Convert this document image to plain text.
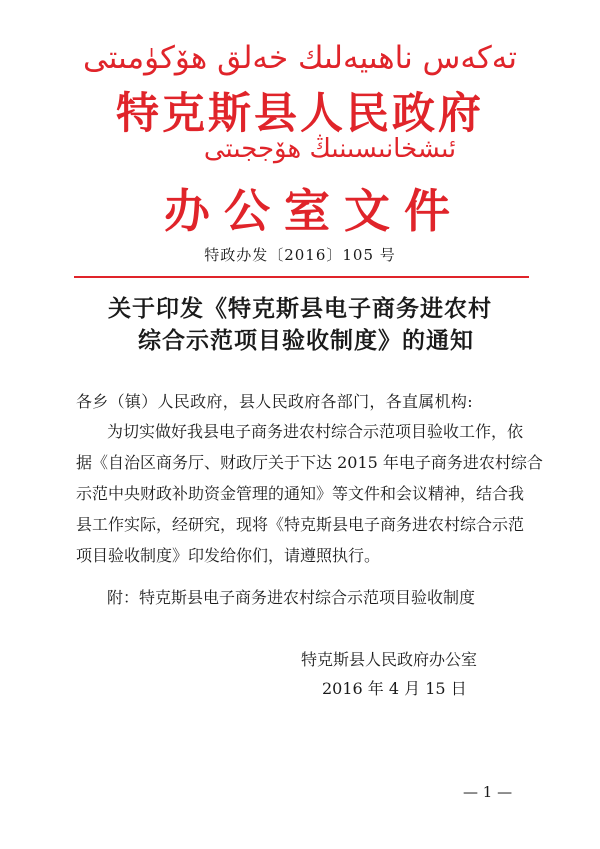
تەكەس ناھىيەلىك خەلق ھۆكۈمىتى
特克斯县人民政府
ئىشخانىسىنىڭ ھۆججىتى
办公室文件
特政办发〔2016〕105 号
关于印发《特克斯县电子商务进农村
综合示范项目验收制度》的通知
各乡（镇）人民政府，县人民政府各部门，各直属机构:
为切实做好我县电子商务进农村综合示范项目验收工作，依
据《自治区商务厅、财政厅关于下达 2015 年电子商务进农村综合
示范中央财政补助资金管理的通知》等文件和会议精神，结合我
县工作实际，经研究，现将《特克斯县电子商务进农村综合示范
项目验收制度》印发给你们，请遵照执行。
附：特克斯县电子商务进农村综合示范项目验收制度
特克斯县人民政府办公室
2016 年 4 月 15 日
— 1 —
